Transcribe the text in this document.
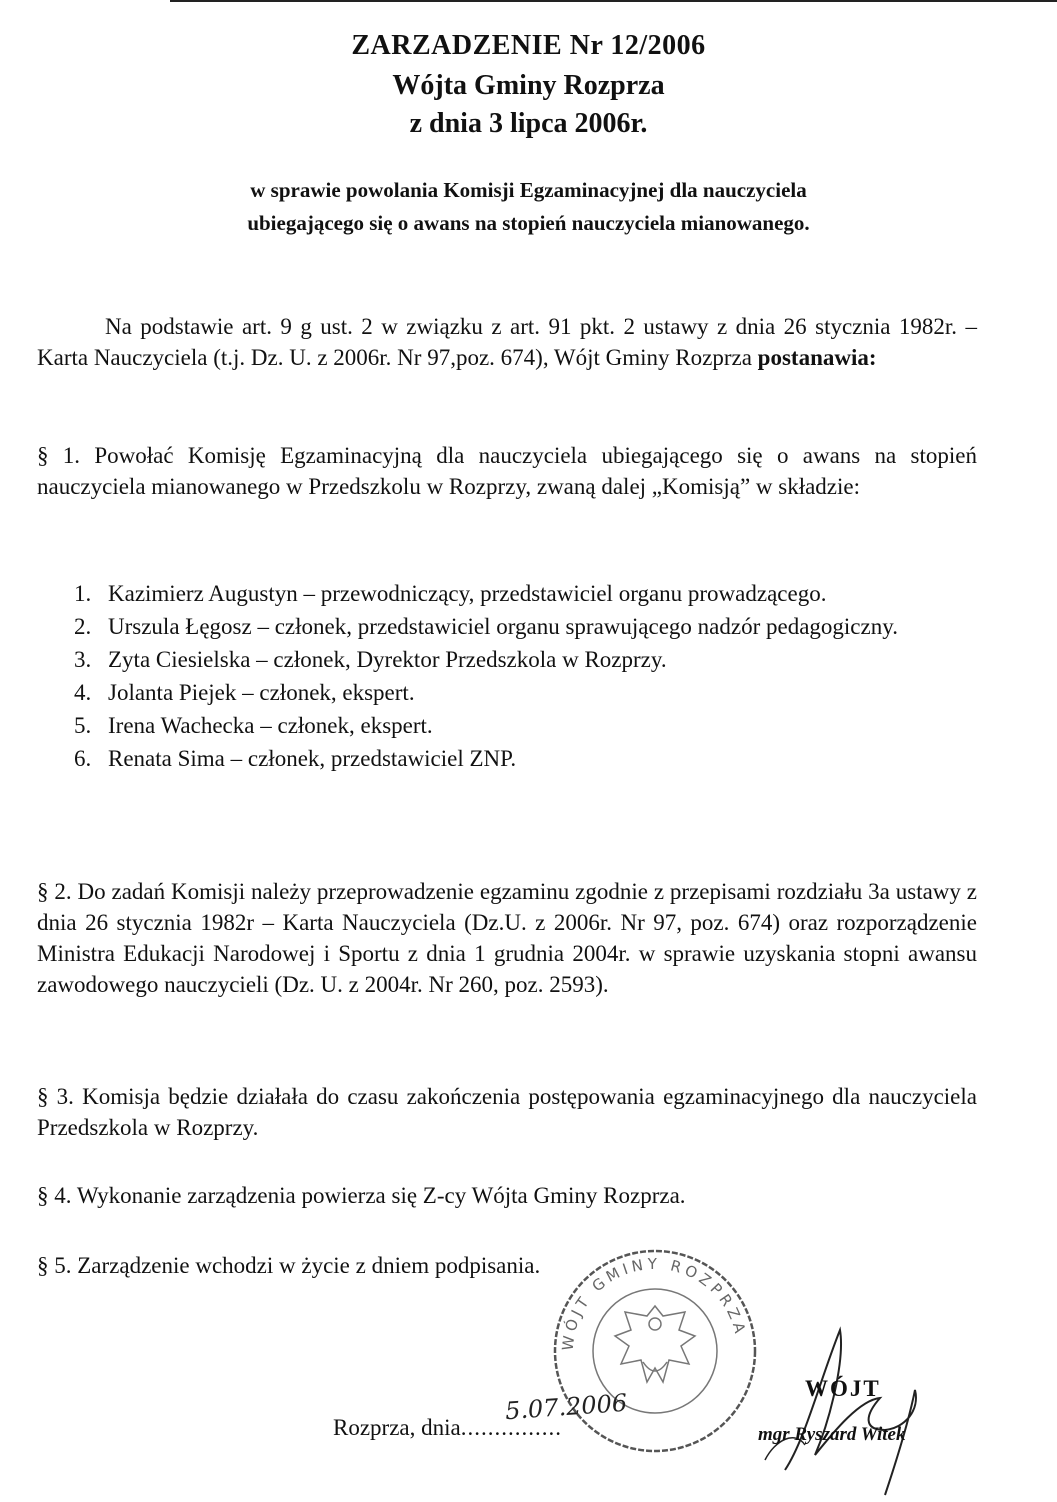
ZARZADZENIE Nr 12/2006
Wójta Gminy Rozprza
z dnia 3 lipca 2006r.
w sprawie powolania Komisji Egzaminacyjnej dla nauczyciela
ubiegającego się o awans na stopień nauczyciela mianowanego.
Na podstawie art. 9 g ust. 2 w związku z art. 91 pkt. 2 ustawy z dnia 26 stycznia 1982r. – Karta Nauczyciela (t.j. Dz. U. z 2006r. Nr 97,poz. 674), Wójt Gminy Rozprza postanawia:
§ 1. Powołać Komisję Egzaminacyjną dla nauczyciela ubiegającego się o awans na stopień nauczyciela mianowanego w Przedszkolu w Rozprzy, zwaną dalej „Komisją” w składzie:
1. Kazimierz Augustyn – przewodniczący, przedstawiciel organu prowadzącego.
2. Urszula Łęgosz – członek, przedstawiciel organu sprawującego nadzór pedagogiczny.
3. Zyta Ciesielska – członek, Dyrektor Przedszkola w Rozprzy.
4. Jolanta Piejek – członek, ekspert.
5. Irena Wachecka – członek, ekspert.
6. Renata Sima – członek, przedstawiciel ZNP.
§ 2. Do zadań Komisji należy przeprowadzenie egzaminu zgodnie z przepisami rozdziału 3a ustawy z dnia 26 stycznia 1982r – Karta Nauczyciela (Dz.U. z 2006r. Nr 97, poz. 674) oraz rozporządzenie Ministra Edukacji Narodowej i Sportu z dnia 1 grudnia 2004r. w sprawie uzyskania stopni awansu zawodowego nauczycieli (Dz. U. z 2004r. Nr 260, poz. 2593).
§ 3. Komisja będzie działała do czasu zakończenia postępowania egzaminacyjnego dla nauczyciela Przedszkola w Rozprzy.
§ 4. Wykonanie zarządzenia powierza się Z-cy Wójta Gminy Rozprza.
§ 5. Zarządzenie wchodzi w życie z dniem podpisania.
WÓJT GMINY ROZPRZA
Rozprza, dnia...............
5.07.2006
WÓJT
mgr Ryszard Witek
